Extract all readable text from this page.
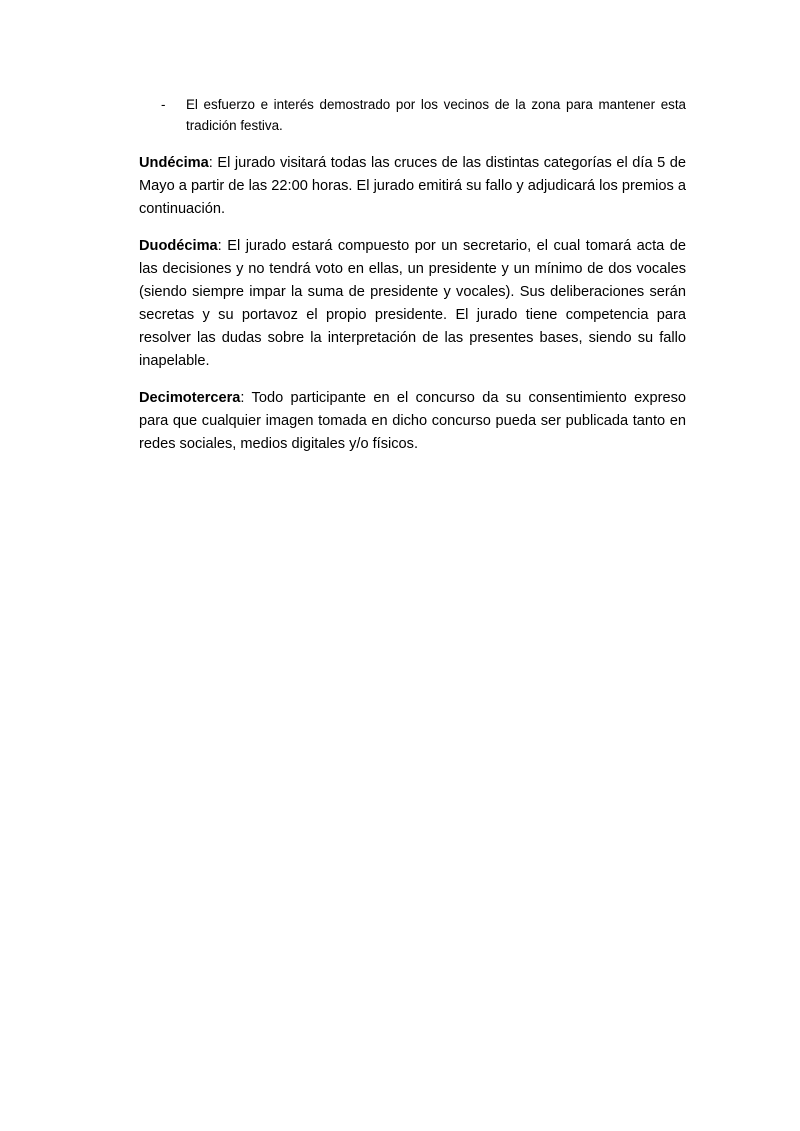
- El esfuerzo e interés demostrado por los vecinos de la zona para mantener esta tradición festiva.

Undécima: El jurado visitará todas las cruces de las distintas categorías el día 5 de Mayo a partir de las 22:00 horas. El jurado emitirá su fallo y adjudicará los premios a continuación.

Duodécima: El jurado estará compuesto por un secretario, el cual tomará acta de las decisiones y no tendrá voto en ellas, un presidente y un mínimo de dos vocales (siendo siempre impar la suma de presidente y vocales). Sus deliberaciones serán secretas y su portavoz el propio presidente. El jurado tiene competencia para resolver las dudas sobre la interpretación de las presentes bases, siendo su fallo inapelable.

Decimotercera: Todo participante en el concurso da su consentimiento expreso para que cualquier imagen tomada en dicho concurso pueda ser publicada tanto en redes sociales, medios digitales y/o físicos.
